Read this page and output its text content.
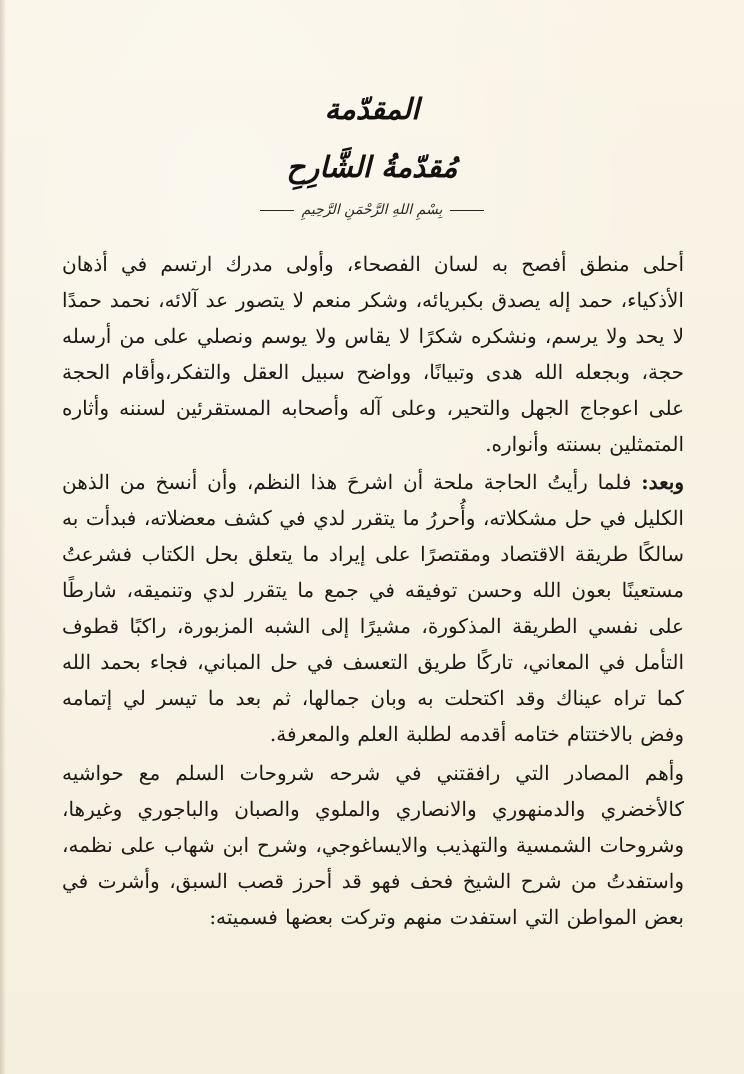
المقدّمة
مُقدّمةُ الشَّارِحِ
بِسْمِ اللهِ الرَّحْمَنِ الرَّحِيمِ

أحلى منطق أفصح به لسان الفصحاء، وأولى مدرك ارتسم في أذهان الأذكياء، حمد إله يصدق بكبريائه، وشكر منعم لا يتصور عد آلائه، نحمد حمدًا لا يحد ولا يرسم، ونشكره شكرًا لا يقاس ولا يوسم ونصلي على من أرسله حجة، وبجعله الله هدى وتبيانًا، وواضح سبيل العقل والتفكر،وأقام الحجة على اعوجاج الجهل والتحير، وعلى آله وأصحابه المستقرئين لسننه وأثاره المتمثلين بسنته وأنواره.

وبعد: فلما رأيتُ الحاجة ملحة أن اشرحَ هذا النظم، وأن أنسخ من الذهن الكليل في حل مشكلاته، وأُحررُ ما يتقرر لدي في كشف معضلاته، فبدأت به سالكًا طريقة الاقتصاد ومقتصرًا على إيراد ما يتعلق بحل الكتاب فشرعتُ مستعينًا بعون الله وحسن توفيقه في جمع ما يتقرر لدي وتنميقه، شارطًا على نفسي الطريقة المذكورة، مشيرًا إلى الشبه المزبورة، راكبًا قطوف التأمل في المعاني، تاركًا طريق التعسف في حل المباني، فجاء بحمد الله كما تراه عيناك وقد اكتحلت به وبان جمالها، ثم بعد ما تيسر لي إتمامه وفض بالاختتام ختامه أقدمه لطلبة العلم والمعرفة.

وأهم المصادر التي رافقتني في شرحه شروحات السلم مع حواشيه كالأخضري والدمنهوري والانصاري والملوي والصبان والباجوري وغيرها، وشروحات الشمسية والتهذيب والايساغوجي، وشرح ابن شهاب على نظمه، واستفدتُ من شرح الشيخ فحف فهو قد أحرز قصب السبق، وأشرت في بعض المواطن التي استفدت منهم وتركت بعضها فسميته:
